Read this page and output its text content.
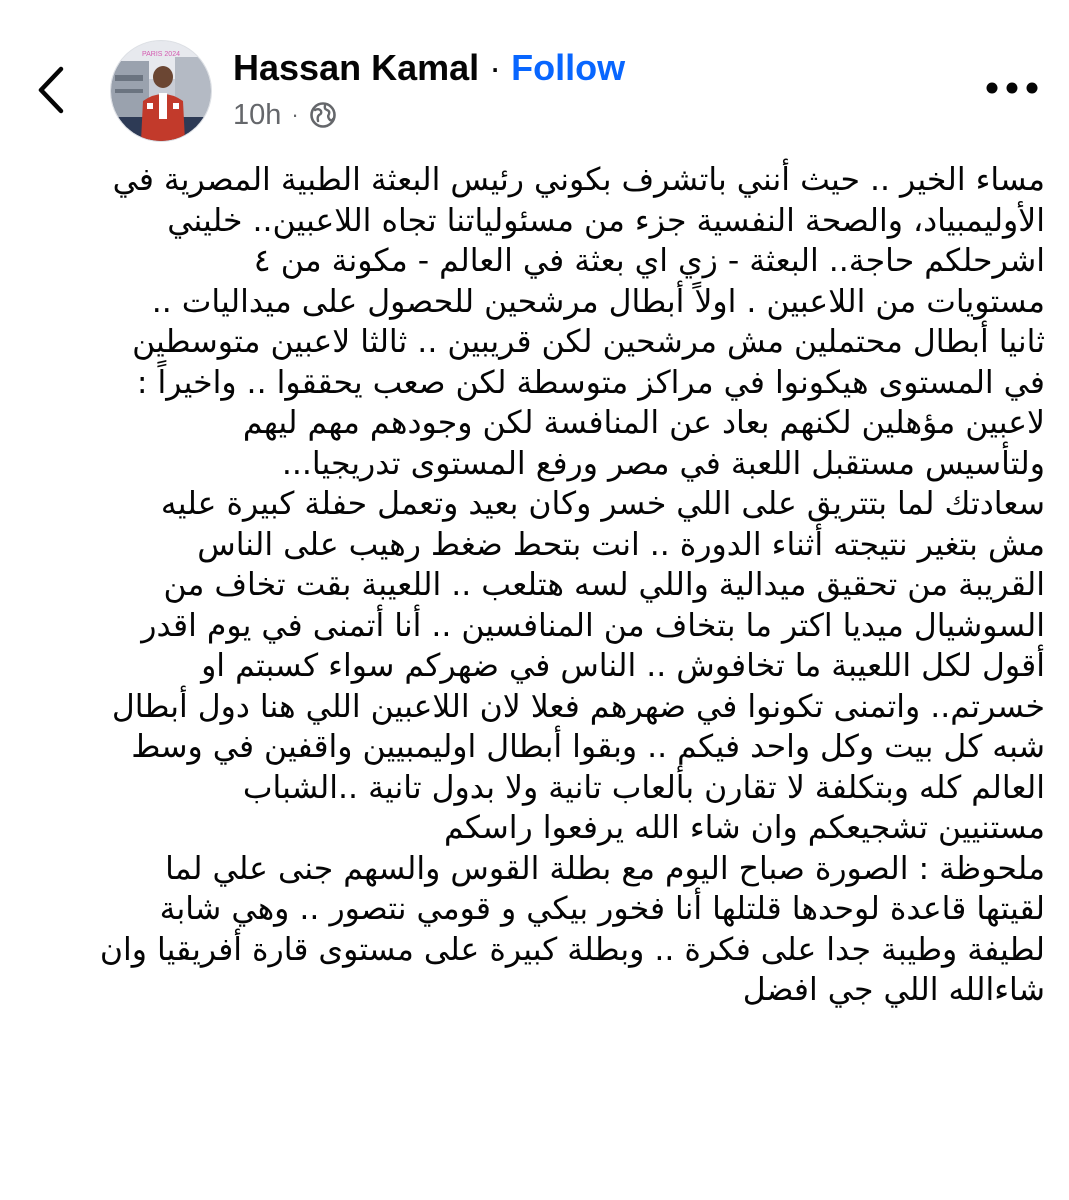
PARIS 2024 Hassan Kamal · Follow
10h ·
مساء الخير .. حيث أنني باتشرف بكوني رئيس البعثة الطبية المصرية في
الأوليمبياد، والصحة النفسية جزء من مسئولياتنا تجاه اللاعبين.. خليني
اشرحلكم حاجة.. البعثة - زي اي بعثة في العالم - مكونة من ٤
مستويات من اللاعبين . اولاً أبطال مرشحين للحصول على ميداليات ..
ثانيا أبطال محتملين مش مرشحين لكن قريبين .. ثالثا لاعبين متوسطين
في المستوى هيكونوا في مراكز متوسطة لكن صعب يحققوا .. واخيراً :
لاعبين مؤهلين لكنهم بعاد عن المنافسة لكن وجودهم مهم ليهم
ولتأسيس مستقبل اللعبة في مصر ورفع المستوى تدريجيا...
سعادتك لما بتتريق على اللي خسر وكان بعيد وتعمل حفلة كبيرة عليه
مش بتغير نتيجته أثناء الدورة .. انت بتحط ضغط رهيب على الناس
القريبة من تحقيق ميدالية واللي لسه هتلعب .. اللعيبة بقت تخاف من
السوشيال ميديا اكتر ما بتخاف من المنافسين .. أنا أتمنى في يوم اقدر
أقول لكل اللعيبة ما تخافوش .. الناس في ضهركم سواء كسبتم او
خسرتم.. واتمنى تكونوا في ضهرهم فعلا لان اللاعبين اللي هنا دول أبطال
شبه كل بيت وكل واحد فيكم .. وبقوا أبطال اوليمبيين واقفين في وسط
العالم كله وبتكلفة لا تقارن بألعاب تانية ولا بدول تانية ..الشباب
مستنيين تشجيعكم وان شاء الله يرفعوا راسكم
ملحوظة : الصورة صباح اليوم مع بطلة القوس والسهم جنى علي لما
لقيتها قاعدة لوحدها قلتلها أنا فخور بيكي و قومي نتصور .. وهي شابة
لطيفة وطيبة جدا على فكرة .. وبطلة كبيرة على مستوى قارة أفريقيا وان
شاءالله اللي جي افضل
